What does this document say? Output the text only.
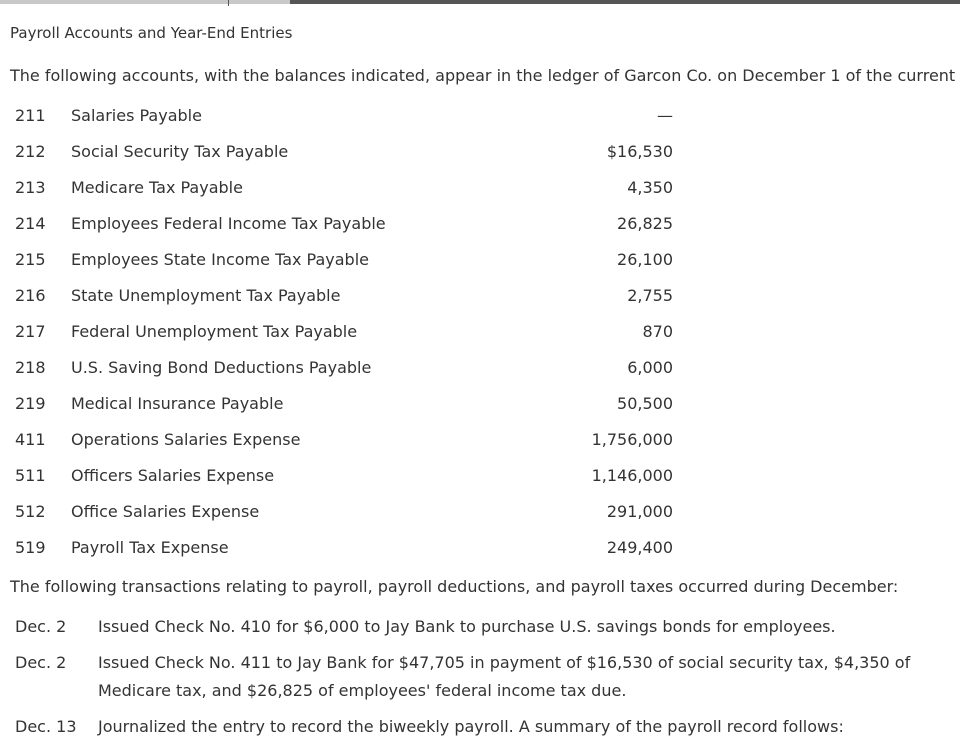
Payroll Accounts and Year-End Entries
The following accounts, with the balances indicated, appear in the ledger of Garcon Co. on December 1 of the current
211 Salaries Payable	—
212 Social Security Tax Payable	$16,530
213 Medicare Tax Payable	4,350
214 Employees Federal Income Tax Payable	26,825
215 Employees State Income Tax Payable	26,100
216 State Unemployment Tax Payable	2,755
217 Federal Unemployment Tax Payable	870
218 U.S. Saving Bond Deductions Payable	6,000
219 Medical Insurance Payable	50,500
411 Operations Salaries Expense	1,756,000
511 Officers Salaries Expense	1,146,000
512 Office Salaries Expense	291,000
519 Payroll Tax Expense	249,400
The following transactions relating to payroll, payroll deductions, and payroll taxes occurred during December:
Dec. 2 Issued Check No. 410 for $6,000 to Jay Bank to purchase U.S. savings bonds for employees.
Dec. 2 Issued Check No. 411 to Jay Bank for $47,705 in payment of $16,530 of social security tax, $4,350 of Medicare tax, and $26,825 of employees' federal income tax due.
Dec. 13 Journalized the entry to record the biweekly payroll. A summary of the payroll record follows:
